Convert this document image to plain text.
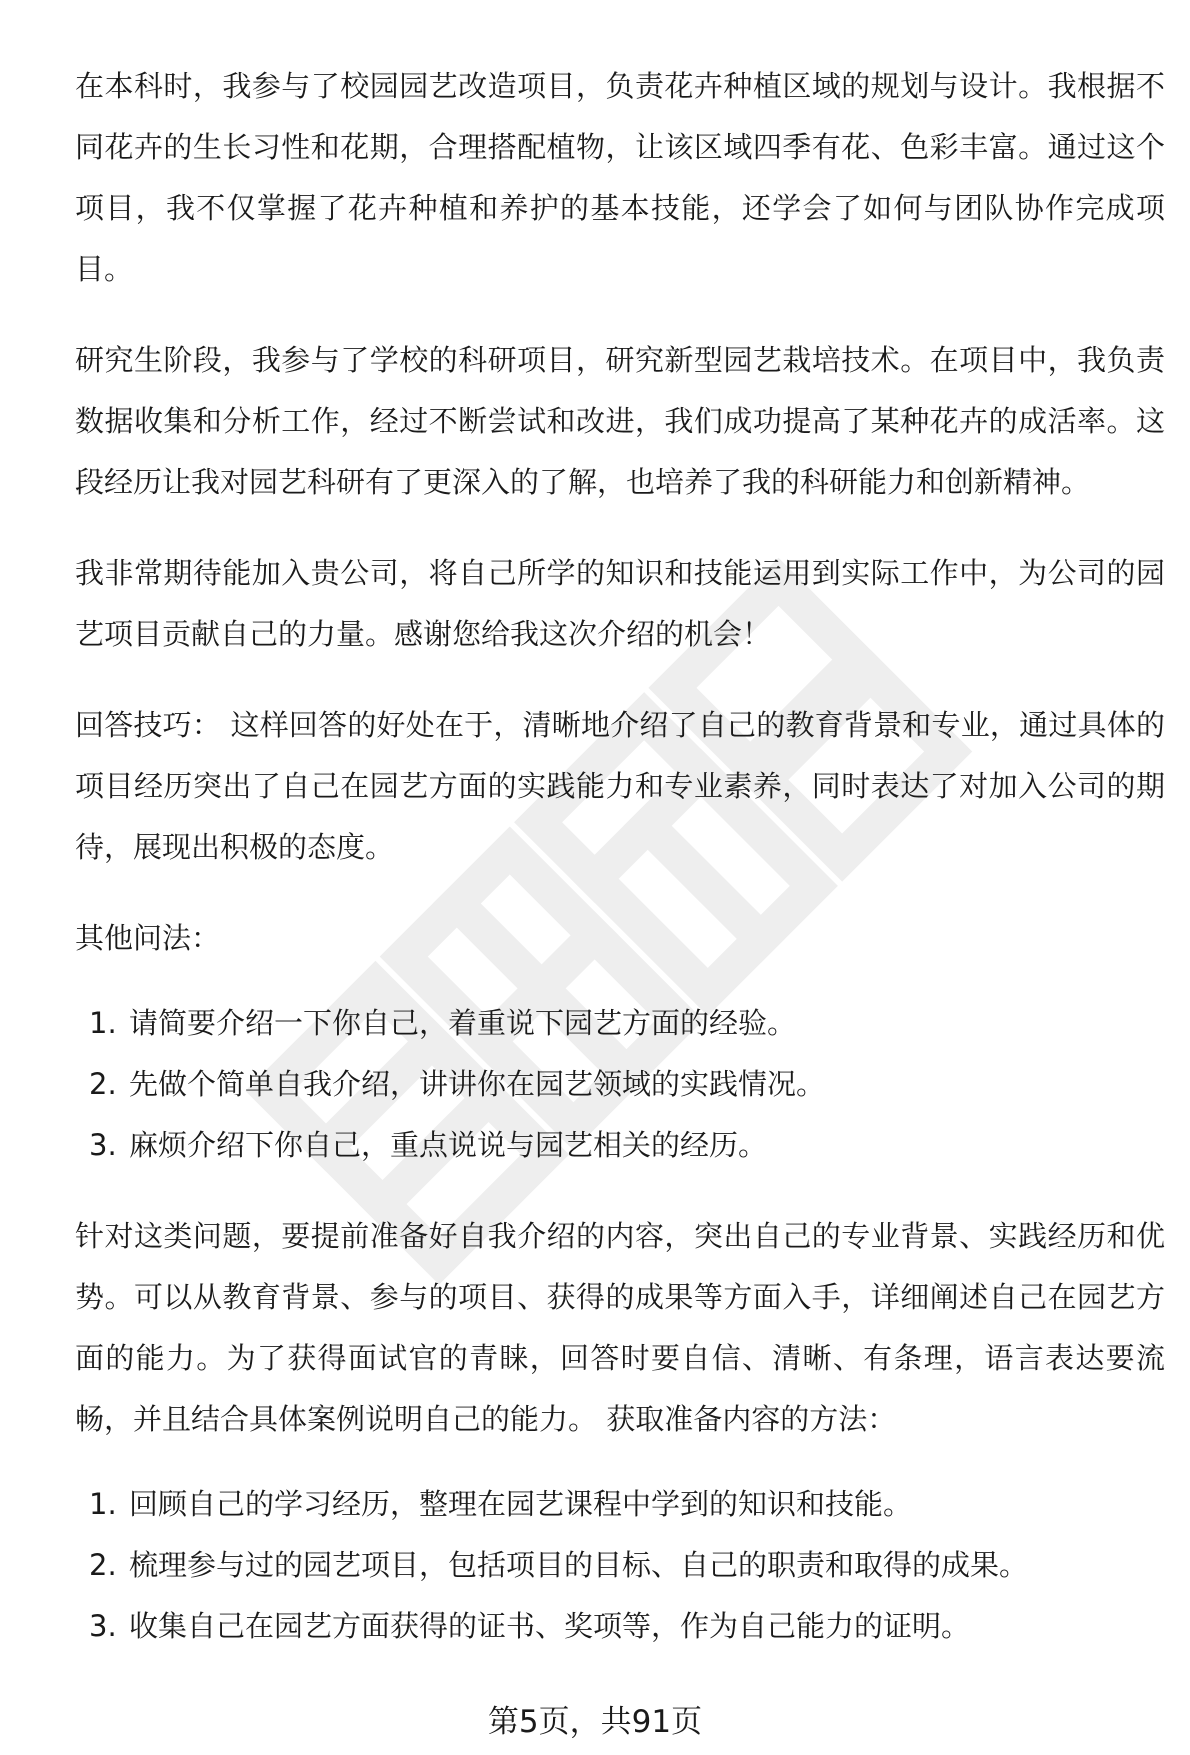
在本科时，我参与了校园园艺改造项目，负责花卉种植区域的规划与设计。我根据不同花卉的生长习性和花期，合理搭配植物，让该区域四季有花、色彩丰富。通过这个项目，我不仅掌握了花卉种植和养护的基本技能，还学会了如何与团队协作完成项目。

研究生阶段，我参与了学校的科研项目，研究新型园艺栽培技术。在项目中，我负责数据收集和分析工作，经过不断尝试和改进，我们成功提高了某种花卉的成活率。这段经历让我对园艺科研有了更深入的了解，也培养了我的科研能力和创新精神。

我非常期待能加入贵公司，将自己所学的知识和技能运用到实际工作中，为公司的园艺项目贡献自己的力量。感谢您给我这次介绍的机会！

回答技巧： 这样回答的好处在于，清晰地介绍了自己的教育背景和专业，通过具体的项目经历突出了自己在园艺方面的实践能力和专业素养，同时表达了对加入公司的期待，展现出积极的态度。

其他问法：

1. 请简要介绍一下你自己，着重说下园艺方面的经验。
2. 先做个简单自我介绍，讲讲你在园艺领域的实践情况。
3. 麻烦介绍下你自己，重点说说与园艺相关的经历。

针对这类问题，要提前准备好自我介绍的内容，突出自己的专业背景、实践经历和优势。可以从教育背景、参与的项目、获得的成果等方面入手，详细阐述自己在园艺方面的能力。为了获得面试官的青睐，回答时要自信、清晰、有条理，语言表达要流畅，并且结合具体案例说明自己的能力。 获取准备内容的方法：

1. 回顾自己的学习经历，整理在园艺课程中学到的知识和技能。
2. 梳理参与过的园艺项目，包括项目的目标、自己的职责和取得的成果。
3. 收集自己在园艺方面获得的证书、奖项等，作为自己能力的证明。
第5页，共91页
